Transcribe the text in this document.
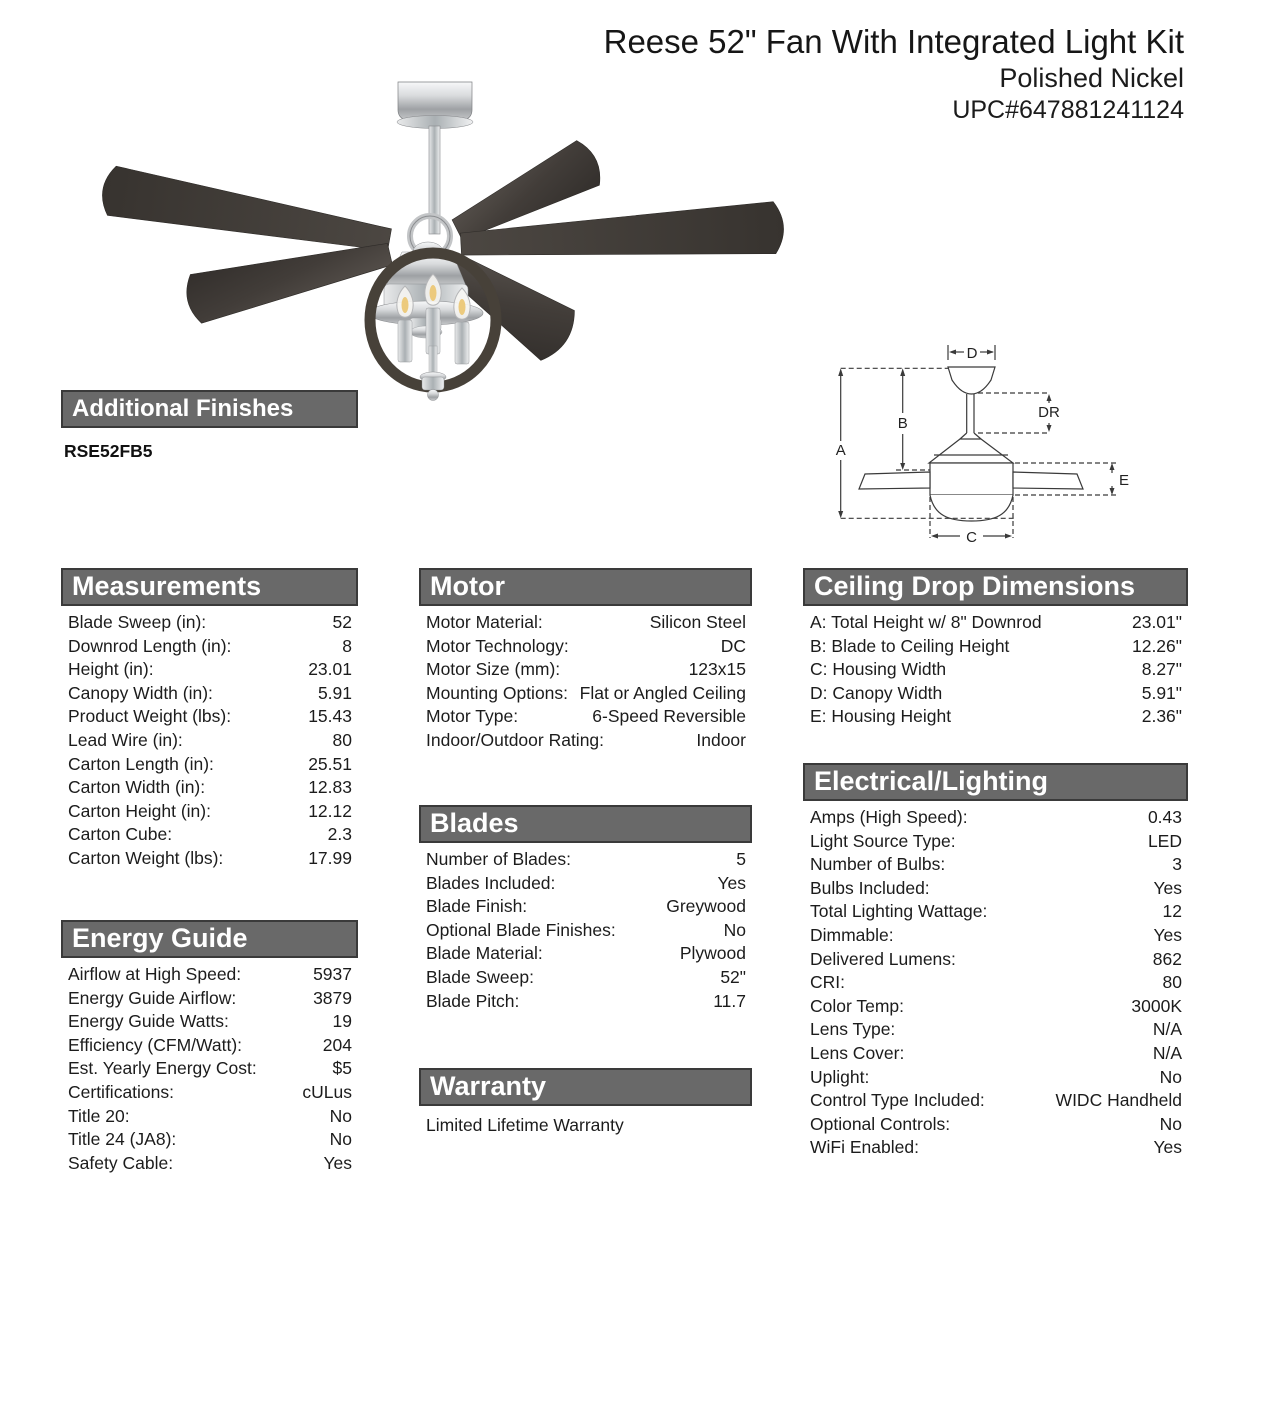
Reese 52" Fan With Integrated Light Kit
Polished Nickel
UPC#647881241124
D
DR
A
B
E
C
Additional Finishes
RSE52FB5
Measurements
Blade Sweep (in):	52
Downrod Length (in):	8
Height (in):	23.01
Canopy Width (in):	5.91
Product Weight (lbs):	15.43
Lead Wire (in):	80
Carton Length (in):	25.51
Carton Width (in):	12.83
Carton Height (in):	12.12
Carton Cube:	2.3
Carton Weight (lbs):	17.99
Energy Guide
Airflow at High Speed:	5937
Energy Guide Airflow:	3879
Energy Guide Watts:	19
Efficiency (CFM/Watt):	204
Est. Yearly Energy Cost:	$5
Certifications:	cULus
Title 20:	No
Title 24 (JA8):	No
Safety Cable:	Yes
Motor
Motor Material:	Silicon Steel
Motor Technology:	DC
Motor Size (mm):	123x15
Mounting Options: Flat or Angled Ceiling
Motor Type:	6-Speed Reversible
Indoor/Outdoor Rating:	Indoor
Blades
Number of Blades:	5
Blades Included:	Yes
Blade Finish:	Greywood
Optional Blade Finishes:	No
Blade Material:	Plywood
Blade Sweep:	52"
Blade Pitch:	11.7
Warranty
Limited Lifetime Warranty
Ceiling Drop Dimensions
A: Total Height w/ 8" Downrod	23.01"
B: Blade to Ceiling Height	12.26"
C: Housing Width	8.27"
D: Canopy Width	5.91"
E: Housing Height	2.36"
Electrical/Lighting
Amps (High Speed):	0.43
Light Source Type:	LED
Number of Bulbs:	3
Bulbs Included:	Yes
Total Lighting Wattage:	12
Dimmable:	Yes
Delivered Lumens:	862
CRI:	80
Color Temp:	3000K
Lens Type:	N/A
Lens Cover:	N/A
Uplight:	No
Control Type Included:	WIDC Handheld
Optional Controls:	No
WiFi Enabled:	Yes
